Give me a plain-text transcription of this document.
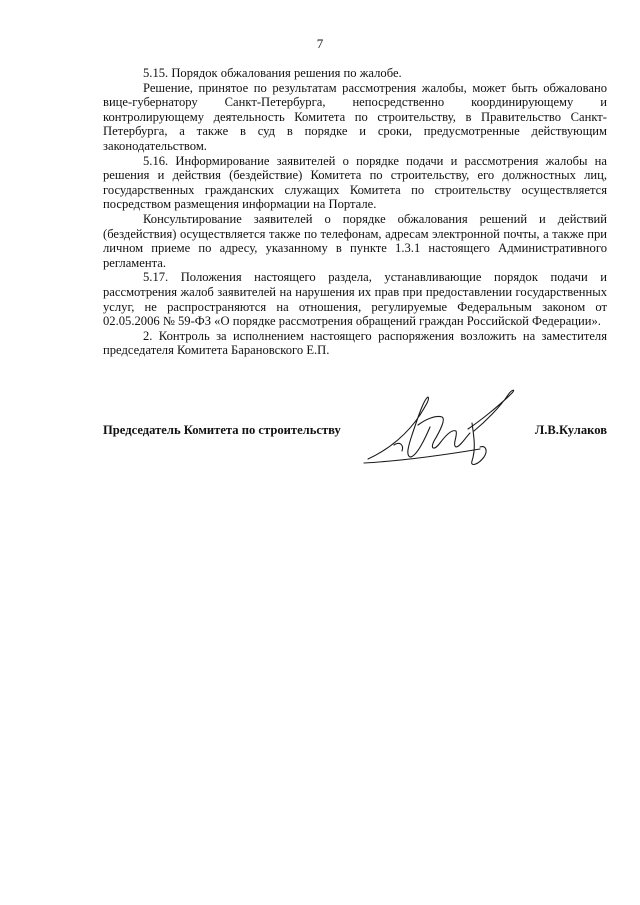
7

5.15. Порядок обжалования решения по жалобе.

Решение, принятое по результатам рассмотрения жалобы, может быть обжаловано вице-губернатору Санкт-Петербурга, непосредственно координирующему и контролирующему деятельность Комитета по строительству, в Правительство Санкт-Петербурга, а также в суд в порядке и сроки, предусмотренные действующим законодательством.

5.16. Информирование заявителей о порядке подачи и рассмотрения жалобы на решения и действия (бездействие) Комитета по строительству, его должностных лиц, государственных гражданских служащих Комитета по строительству осуществляется посредством размещения информации на Портале.

Консультирование заявителей о порядке обжалования решений и действий (бездействия) осуществляется также по телефонам, адресам электронной почты, а также при личном приеме по адресу, указанному в пункте 1.3.1 настоящего Административного регламента.

5.17. Положения настоящего раздела, устанавливающие порядок подачи и рассмотрения жалоб заявителей на нарушения их прав при предоставлении государственных услуг, не распространяются на отношения, регулируемые Федеральным законом от 02.05.2006 № 59-ФЗ «О порядке рассмотрения обращений граждан Российской Федерации».

2. Контроль за исполнением настоящего распоряжения возложить на заместителя председателя Комитета Барановского Е.П.

Председатель Комитета по строительству	Л.В.Кулаков
